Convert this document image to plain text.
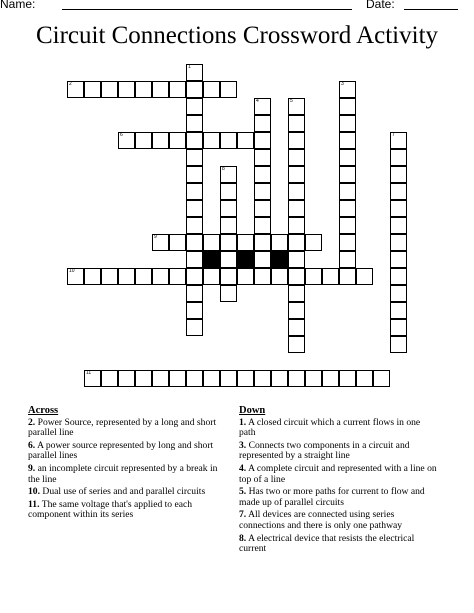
Name:	Date:
Circuit Connections Crossword Activity
1
2	3
4	5
6	7
8
9
10
11
Across
2. Power Source, represented by a long and short parallel line
6. A power source represented by long and short parallel lines
9. an incomplete circuit represented by a break in the line
10. Dual use of series and and parallel circuits
11. The same voltage that's applied to each component within its series
Down
1. A closed circuit which a current flows in one path
3. Connects two components in a circuit and represented by a straight line
4. A complete circuit and represented with a line on top of a line
5. Has two or more paths for current to flow and made up of parallel circuits
7. All devices are connected using series connections and there is only one pathway
8. A electrical device that resists the electrical current
